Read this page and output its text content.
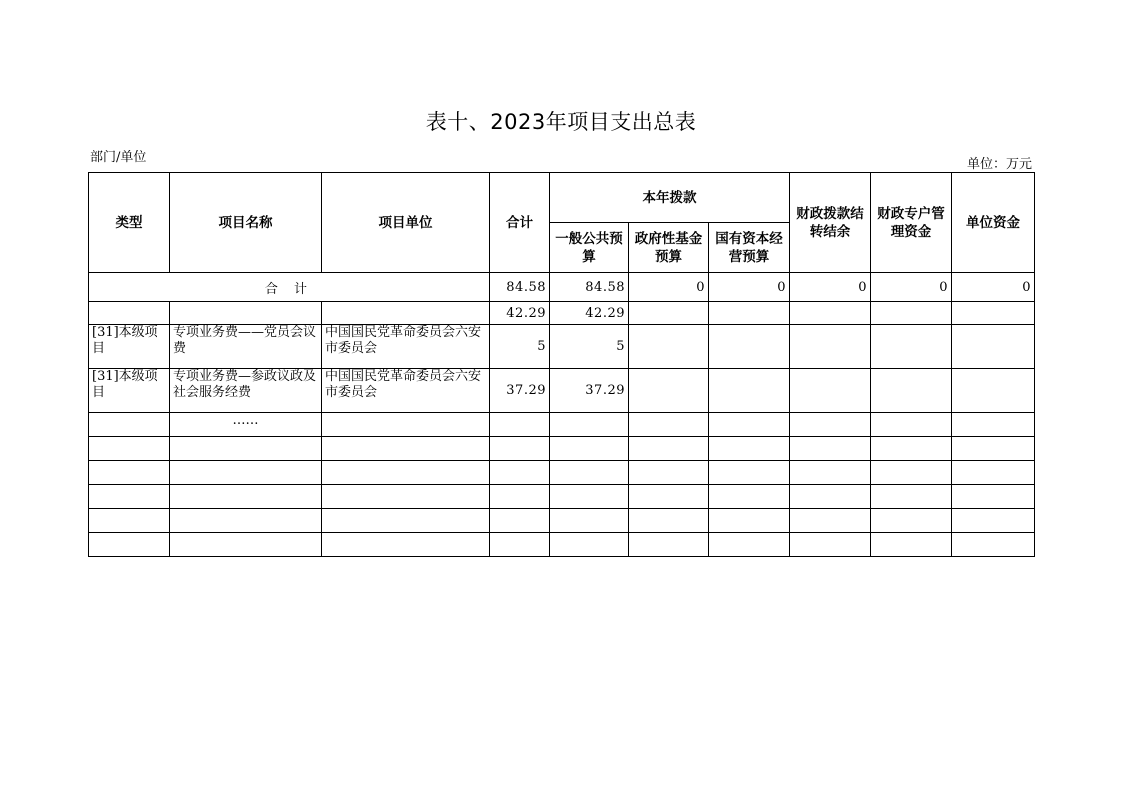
表十、2023年项目支出总表
部门/单位	单位：万元
类型	项目名称	项目单位	合计	本年拨款			财政拨款结转结余	财政专户管理资金	单位资金
				一般公共预算	政府性基金预算	国有资本经营预算			
合 计			84.58	84.58	0	0	0	0	0
			42.29	42.29					
[31]本级项目	专项业务费——党员会议费	中国国民党革命委员会六安市委员会	5	5					
[31]本级项目	专项业务费—参政议政及社会服务经费	中国国民党革命委员会六安市委员会	37.29	37.29					
	……								
